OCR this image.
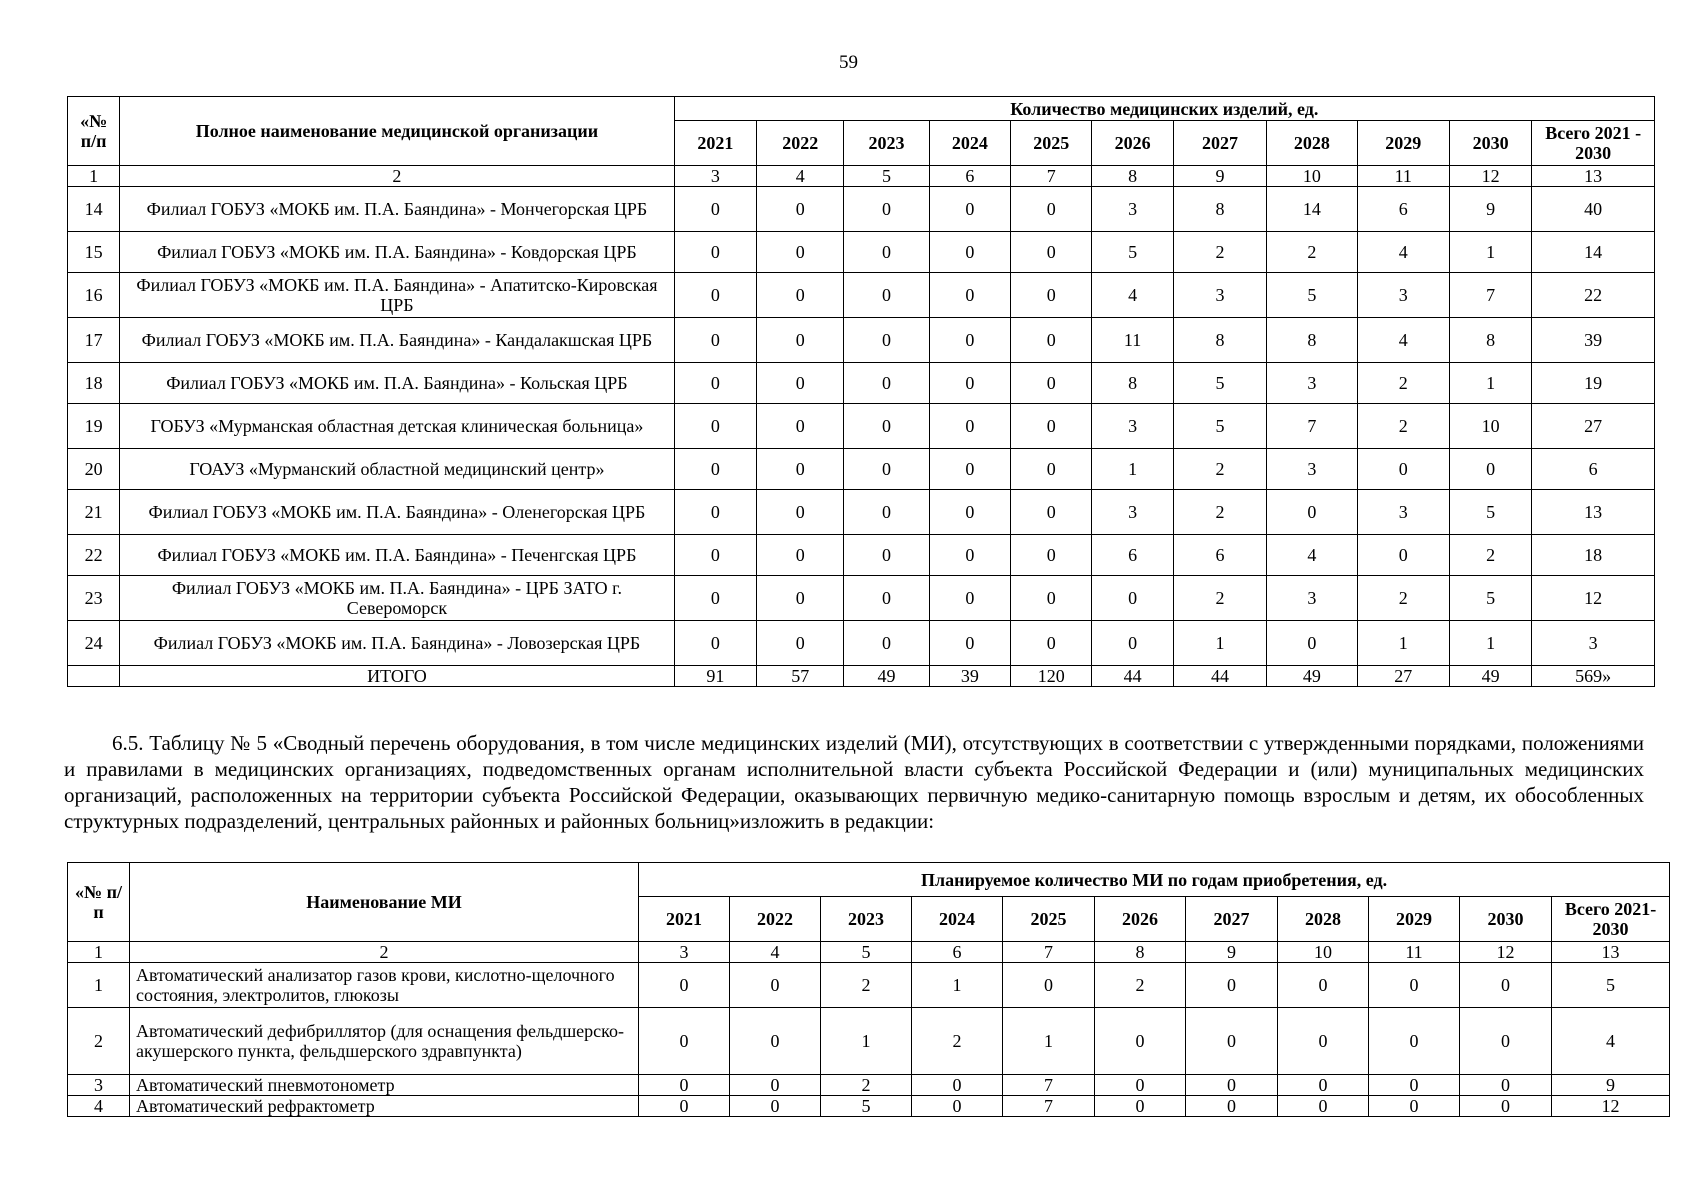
59
«№ п/п	Полное наименование медицинской организации	Количество медицинских изделий, ед.										
		2021	2022	2023	2024	2025	2026	2027	2028	2029	2030	Всего 2021 - 2030
1	2	3	4	5	6	7	8	9	10	11	12	13
14	Филиал ГОБУЗ «МОКБ им. П.А. Баяндина» - Мончегорская ЦРБ	0	0	0	0	0	3	8	14	6	9	40
15	Филиал ГОБУЗ «МОКБ им. П.А. Баяндина» - Ковдорская ЦРБ	0	0	0	0	0	5	2	2	4	1	14
16	Филиал ГОБУЗ «МОКБ им. П.А. Баяндина» - Апатитско-Кировская ЦРБ	0	0	0	0	0	4	3	5	3	7	22
17	Филиал ГОБУЗ «МОКБ им. П.А. Баяндина» - Кандалакшская ЦРБ	0	0	0	0	0	11	8	8	4	8	39
18	Филиал ГОБУЗ «МОКБ им. П.А. Баяндина» - Кольская ЦРБ	0	0	0	0	0	8	5	3	2	1	19
19	ГОБУЗ «Мурманская областная детская клиническая больница»	0	0	0	0	0	3	5	7	2	10	27
20	ГОАУЗ «Мурманский областной медицинский центр»	0	0	0	0	0	1	2	3	0	0	6
21	Филиал ГОБУЗ «МОКБ им. П.А. Баяндина» - Оленегорская ЦРБ	0	0	0	0	0	3	2	0	3	5	13
22	Филиал ГОБУЗ «МОКБ им. П.А. Баяндина» - Печенгская ЦРБ	0	0	0	0	0	6	6	4	0	2	18
23	Филиал ГОБУЗ «МОКБ им. П.А. Баяндина» - ЦРБ ЗАТО г. Североморск	0	0	0	0	0	0	2	3	2	5	12
24	Филиал ГОБУЗ «МОКБ им. П.А. Баяндина» - Ловозерская ЦРБ	0	0	0	0	0	0	1	0	1	1	3
	ИТОГО	91	57	49	39	120	44	44	49	27	49	569»

6.5. Таблицу № 5 «Сводный перечень оборудования, в том числе медицинских изделий (МИ), отсутствующих в соответствии с утвержденными порядками, положениями и правилами в медицинских организациях, подведомственных органам исполнительной власти субъекта Российской Федерации и (или) муниципальных медицинских организаций, расположенных на территории субъекта Российской Федерации, оказывающих первичную медико-санитарную помощь взрослым и детям, их обособленных структурных подразделений, центральных районных и районных больниц»изложить в редакции:

«№ п/п	Наименование МИ	Планируемое количество МИ по годам приобретения, ед.										
		2021	2022	2023	2024	2025	2026	2027	2028	2029	2030	Всего 2021-2030
1	2	3	4	5	6	7	8	9	10	11	12	13
1	Автоматический анализатор газов крови, кислотно-щелочного состояния, электролитов, глюкозы	0	0	2	1	0	2	0	0	0	0	5
2	Автоматический дефибриллятор (для оснащения фельдшерско-акушерского пункта, фельдшерского здравпункта)	0	0	1	2	1	0	0	0	0	0	4
3	Автоматический пневмотонометр	0	0	2	0	7	0	0	0	0	0	9
4	Автоматический рефрактометр	0	0	5	0	7	0	0	0	0	0	12
